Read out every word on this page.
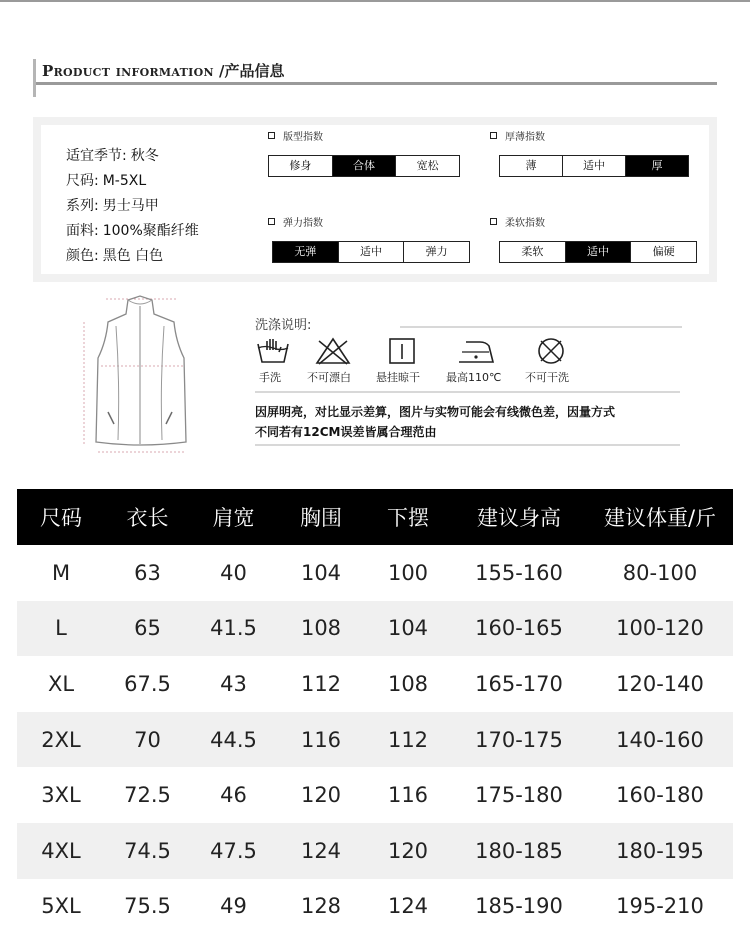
Product information /产品信息
适宜季节: 秋冬
尺码: M-5XL
系列: 男士马甲
面料: 100%聚酯纤维
颜色: 黑色 白色
版型指数
修身	合体	宽松
厚薄指数
薄	适中	厚
弹力指数
无弹	适中	弹力
柔软指数
柔软	适中	偏硬
洗涤说明:
手洗 不可漂白 悬挂晾干 最高110℃ 不可干洗
因屏明亮，对比显示差算，图片与实物可能会有线微色差，因量方式
不同若有12CM误差皆属合理范由
尺码	衣长	肩宽	胸围	下摆	建议身高	建议体重/斤
M	63	40	104	100	155-160	80-100
L	65	41.5	108	104	160-165	100-120
XL	67.5	43	112	108	165-170	120-140
2XL	70	44.5	116	112	170-175	140-160
3XL	72.5	46	120	116	175-180	160-180
4XL	74.5	47.5	124	120	180-185	180-195
5XL	75.5	49	128	124	185-190	195-210
